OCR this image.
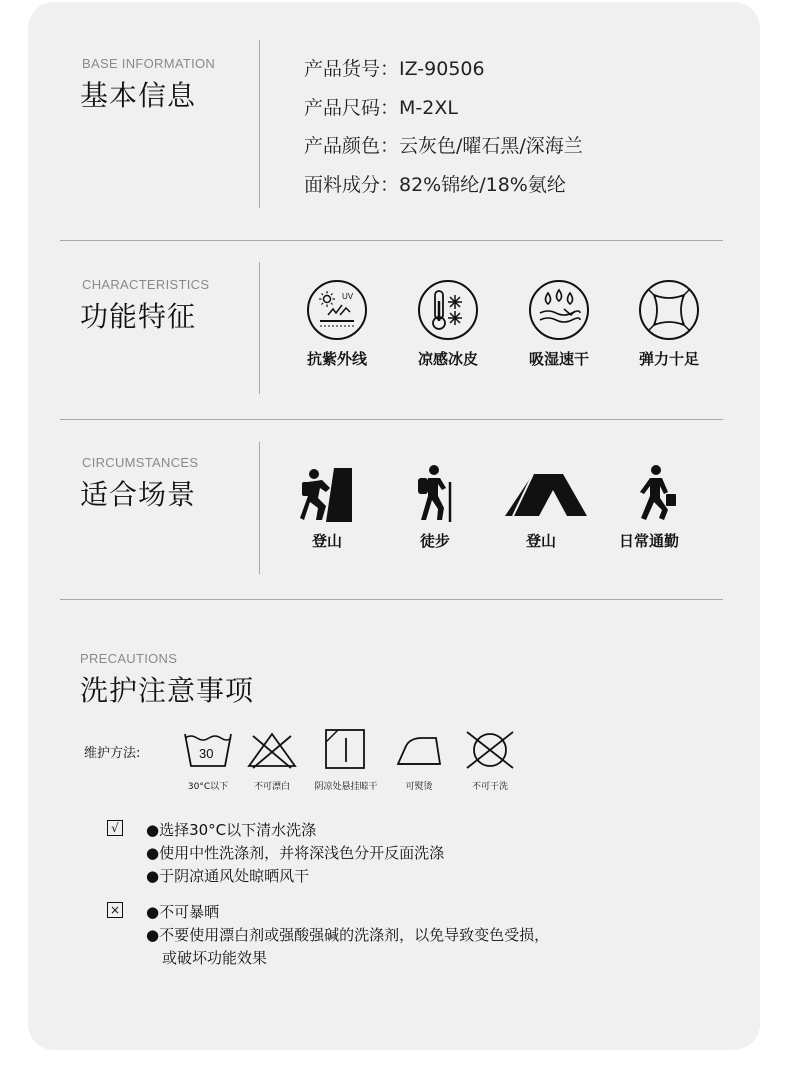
BASE INFORMATION
基本信息
产品货号：IZ-90506
产品尺码：M-2XL
产品颜色：云灰色/曜石黑/深海兰
面料成分：82%锦纶/18%氨纶
CHARACTERISTICS
功能特征
UV
抗紫外线	凉感冰皮	吸湿速干	弹力十足
CIRCUMSTANCES
适合场景
登山	徒步	登山	日常通勤
PRECAUTIONS
洗护注意事项
维护方法:	30
30°C以下	不可漂白	阴凉处悬挂晾干	可熨烫	不可干洗
√ ●选择30°C以下清水洗涤
●使用中性洗涤剂，并将深浅色分开反面洗涤
●于阴凉通风处晾晒风干
× ●不可暴晒
●不要使用漂白剂或强酸强碱的洗涤剂，以免导致变色受损，
或破坏功能效果
